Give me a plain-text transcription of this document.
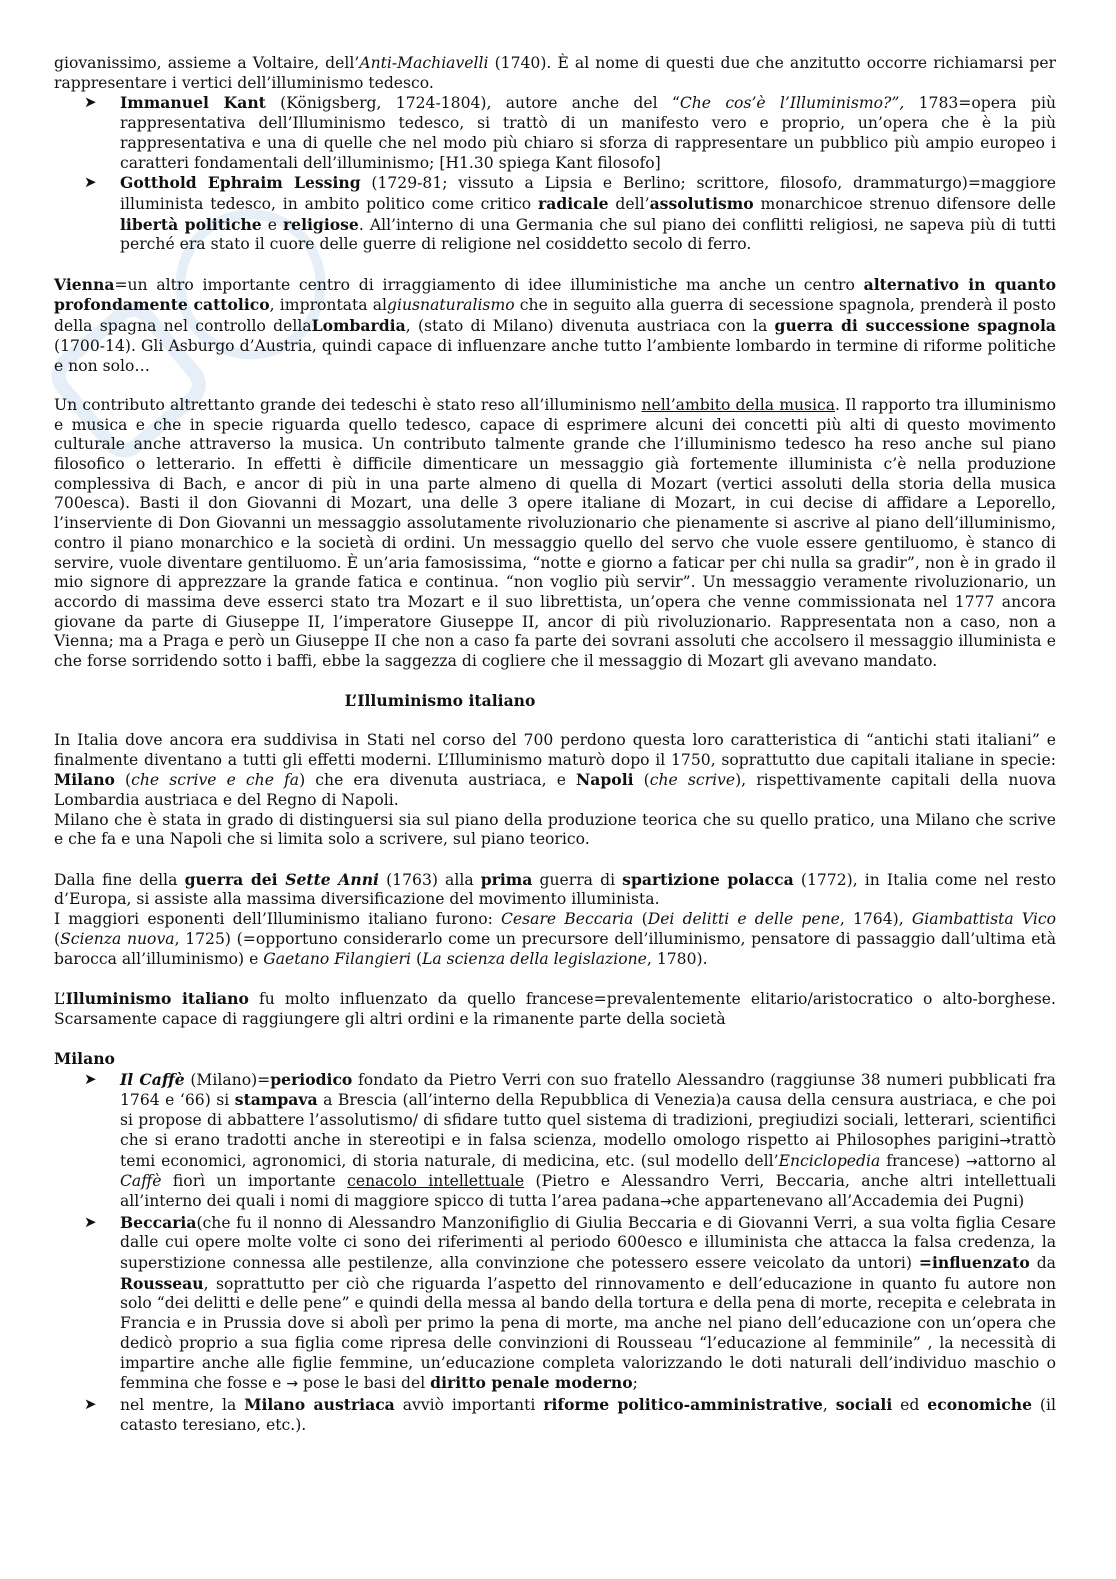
giovanissimo, assieme a Voltaire, dell’Anti-Machiavelli (1740). È al nome di questi due che anzitutto occorre richiamarsi per rappresentare i vertici dell’illuminismo tedesco.

➤ Immanuel Kant (Königsberg, 1724-1804), autore anche del “Che cos’è l’Illuminismo?”, 1783=opera più rappresentativa dell’Illuminismo tedesco, si trattò di un manifesto vero e proprio, un’opera che è la più rappresentativa e una di quelle che nel modo più chiaro si sforza di rappresentare un pubblico più ampio europeo i caratteri fondamentali dell’illuminismo; [H1.30 spiega Kant filosofo]
➤ Gotthold Ephraim Lessing (1729-81; vissuto a Lipsia e Berlino; scrittore, filosofo, drammaturgo)=maggiore illuminista tedesco, in ambito politico come critico radicale dell’assolutismo monarchicoe strenuo difensore delle libertà politiche e religiose. All’interno di una Germania che sul piano dei conflitti religiosi, ne sapeva più di tutti perché era stato il cuore delle guerre di religione nel cosiddetto secolo di ferro.

Vienna=un altro importante centro di irraggiamento di idee illuministiche ma anche un centro alternativo in quanto profondamente cattolico, improntata algiusnaturalismo che in seguito alla guerra di secessione spagnola, prenderà il posto della spagna nel controllo dellaLombardia, (stato di Milano) divenuta austriaca con la guerra di successione spagnola (1700-14). Gli Asburgo d’Austria, quindi capace di influenzare anche tutto l’ambiente lombardo in termine di riforme politiche e non solo…

Un contributo altrettanto grande dei tedeschi è stato reso all’illuminismo nell’ambito della musica. Il rapporto tra illuminismo e musica e che in specie riguarda quello tedesco, capace di esprimere alcuni dei concetti più alti di questo movimento culturale anche attraverso la musica. Un contributo talmente grande che l’illuminismo tedesco ha reso anche sul piano filosofico o letterario. In effetti è difficile dimenticare un messaggio già fortemente illuminista c’è nella produzione complessiva di Bach, e ancor di più in una parte almeno di quella di Mozart (vertici assoluti della storia della musica 700esca). Basti il don Giovanni di Mozart, una delle 3 opere italiane di Mozart, in cui decise di affidare a Leporello, l’inserviente di Don Giovanni un messaggio assolutamente rivoluzionario che pienamente si ascrive al piano dell’illuminismo, contro il piano monarchico e la società di ordini. Un messaggio quello del servo che vuole essere gentiluomo, è stanco di servire, vuole diventare gentiluomo. È un’aria famosissima, “notte e giorno a faticar per chi nulla sa gradir”, non è in grado il mio signore di apprezzare la grande fatica e continua. “non voglio più servir”. Un messaggio veramente rivoluzionario, un accordo di massima deve esserci stato tra Mozart e il suo librettista, un’opera che venne commissionata nel 1777 ancora giovane da parte di Giuseppe II, l’imperatore Giuseppe II, ancor di più rivoluzionario. Rappresentata non a caso, non a Vienna; ma a Praga e però un Giuseppe II che non a caso fa parte dei sovrani assoluti che accolsero il messaggio illuminista e che forse sorridendo sotto i baffi, ebbe la saggezza di cogliere che il messaggio di Mozart gli avevano mandato.

L’Illuminismo italiano

In Italia dove ancora era suddivisa in Stati nel corso del 700 perdono questa loro caratteristica di “antichi stati italiani” e finalmente diventano a tutti gli effetti moderni. L’Illuminismo maturò dopo il 1750, soprattutto due capitali italiane in specie: Milano (che scrive e che fa) che era divenuta austriaca, e Napoli (che scrive), rispettivamente capitali della nuova Lombardia austriaca e del Regno di Napoli.

Milano che è stata in grado di distinguersi sia sul piano della produzione teorica che su quello pratico, una Milano che scrive e che fa e una Napoli che si limita solo a scrivere, sul piano teorico.

Dalla fine della guerra dei Sette Anni (1763) alla prima guerra di spartizione polacca (1772), in Italia come nel resto d’Europa, si assiste alla massima diversificazione del movimento illuminista.

I maggiori esponenti dell’Illuminismo italiano furono: Cesare Beccaria (Dei delitti e delle pene, 1764), Giambattista Vico (Scienza nuova, 1725) (=opportuno considerarlo come un precursore dell’illuminismo, pensatore di passaggio dall’ultima età barocca all’illuminismo) e Gaetano Filangieri (La scienza della legislazione, 1780).

L’Illuminismo italiano fu molto influenzato da quello francese=prevalentemente elitario/aristocratico o alto-borghese. Scarsamente capace di raggiungere gli altri ordini e la rimanente parte della società

Milano

➤ Il Caffè (Milano)=periodico fondato da Pietro Verri con suo fratello Alessandro (raggiunse 38 numeri pubblicati fra 1764 e ‘66) si stampava a Brescia (all’interno della Repubblica di Venezia)a causa della censura austriaca, e che poi si propose di abbattere l’assolutismo/ di sfidare tutto quel sistema di tradizioni, pregiudizi sociali, letterari, scientifici che si erano tradotti anche in stereotipi e in falsa scienza, modello omologo rispetto ai Philosophes parigini→trattò temi economici, agronomici, di storia naturale, di medicina, etc. (sul modello dell’Enciclopedia francese) →attorno al Caffè fiorì un importante cenacolo intellettuale (Pietro e Alessandro Verri, Beccaria, anche altri intellettuali all’interno dei quali i nomi di maggiore spicco di tutta l’area padana→che appartenevano all’Accademia dei Pugni)
➤ Beccaria(che fu il nonno di Alessandro Manzonifiglio di Giulia Beccaria e di Giovanni Verri, a sua volta figlia Cesare dalle cui opere molte volte ci sono dei riferimenti al periodo 600esco e illuminista che attacca la falsa credenza, la superstizione connessa alle pestilenze, alla convinzione che potessero essere veicolato da untori) =influenzato da Rousseau, soprattutto per ciò che riguarda l’aspetto del rinnovamento e dell’educazione in quanto fu autore non solo “dei delitti e delle pene” e quindi della messa al bando della tortura e della pena di morte, recepita e celebrata in Francia e in Prussia dove si abolì per primo la pena di morte, ma anche nel piano dell’educazione con un’opera che dedicò proprio a sua figlia come ripresa delle convinzioni di Rousseau “l’educazione al femminile” , la necessità di impartire anche alle figlie femmine, un’educazione completa valorizzando le doti naturali dell’individuo maschio o femmina che fosse e → pose le basi del diritto penale moderno;
➤ nel mentre, la Milano austriaca avviò importanti riforme politico-amministrative, sociali ed economiche (il catasto teresiano, etc.).
